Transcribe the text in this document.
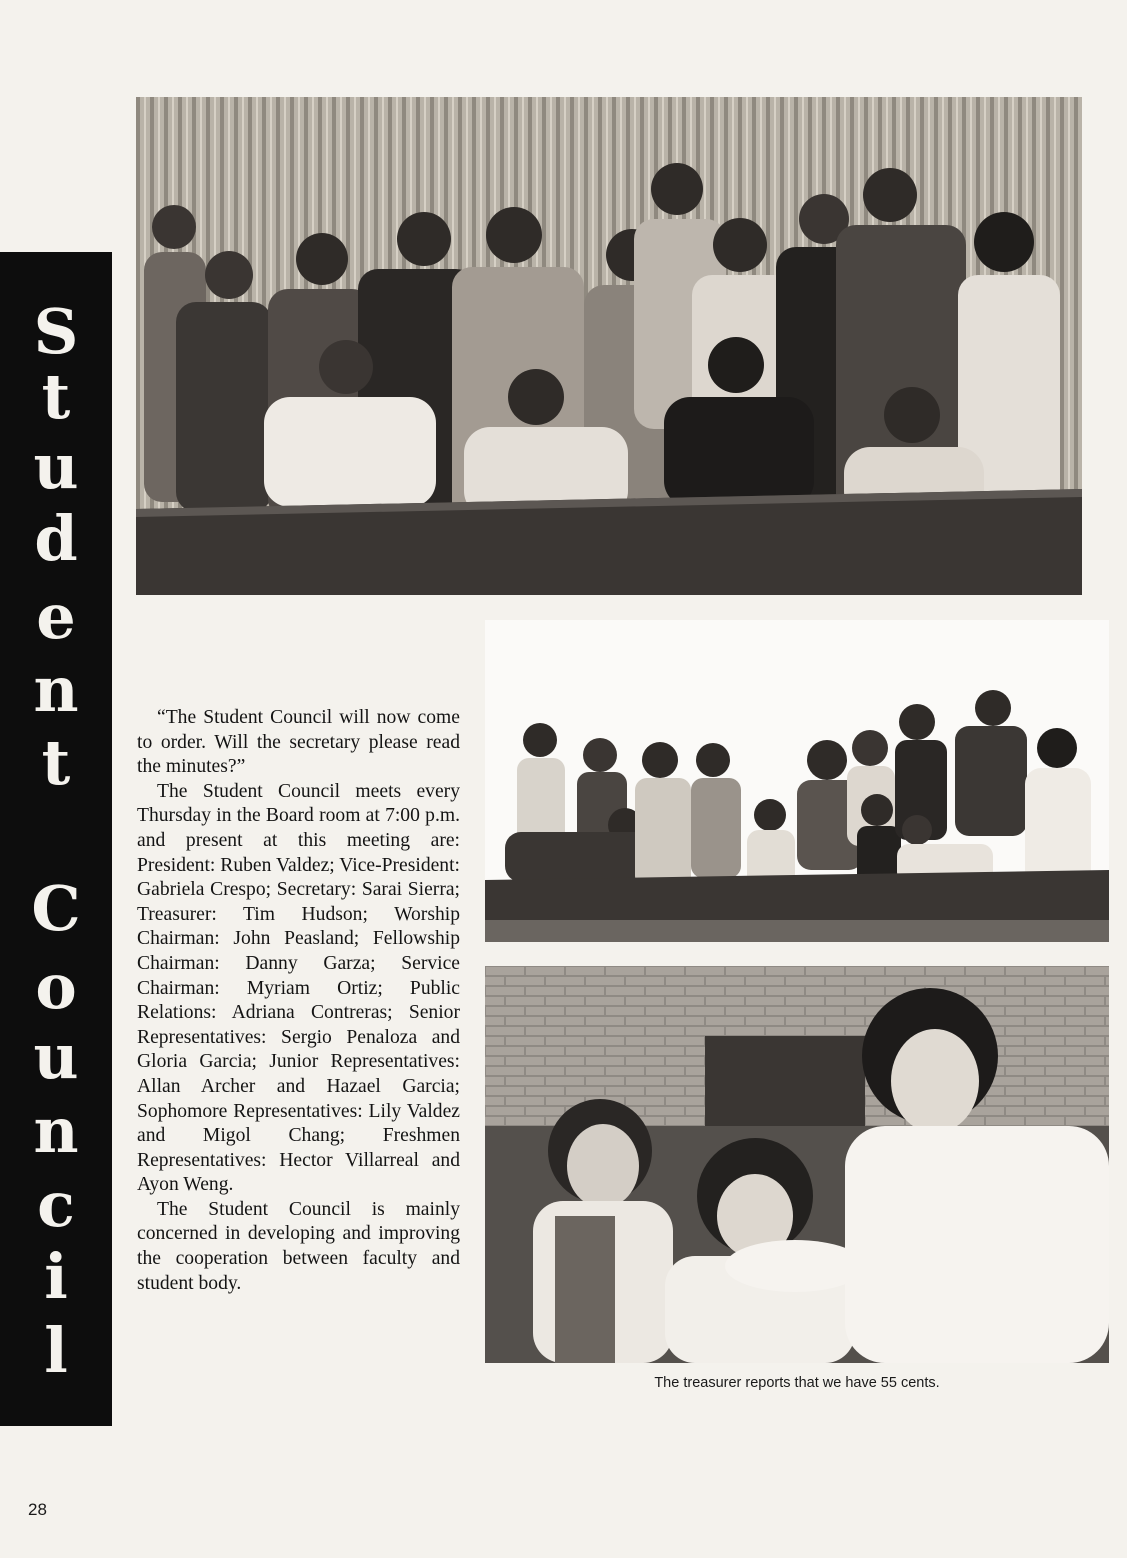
S
t
u
d
e
n
t
C
o
u
n
c
i
l	The treasurer reports that we have 55 cents.

“The Student Council will now come to order. Will the secretary please read the minutes?”

The Student Council meets every Thursday in the Board room at 7:00 p.m. and present at this meeting are: President: Ruben Valdez; Vice-President: Gabriela Crespo; Secretary: Sarai Sierra; Treasurer: Tim Hudson; Worship Chairman: John Peasland; Fellowship Chairman: Danny Garza; Service Chairman: Myriam Ortiz; Public Relations: Adriana Contreras; Senior Representatives: Sergio Penaloza and Gloria Garcia; Junior Representatives: Allan Archer and Hazael Garcia; Sophomore Representatives: Lily Valdez and Migol Chang; Freshmen Representatives: Hector Villarreal and Ayon Weng.

The Student Council is mainly concerned in developing and improving the cooperation between faculty and student body.

28
